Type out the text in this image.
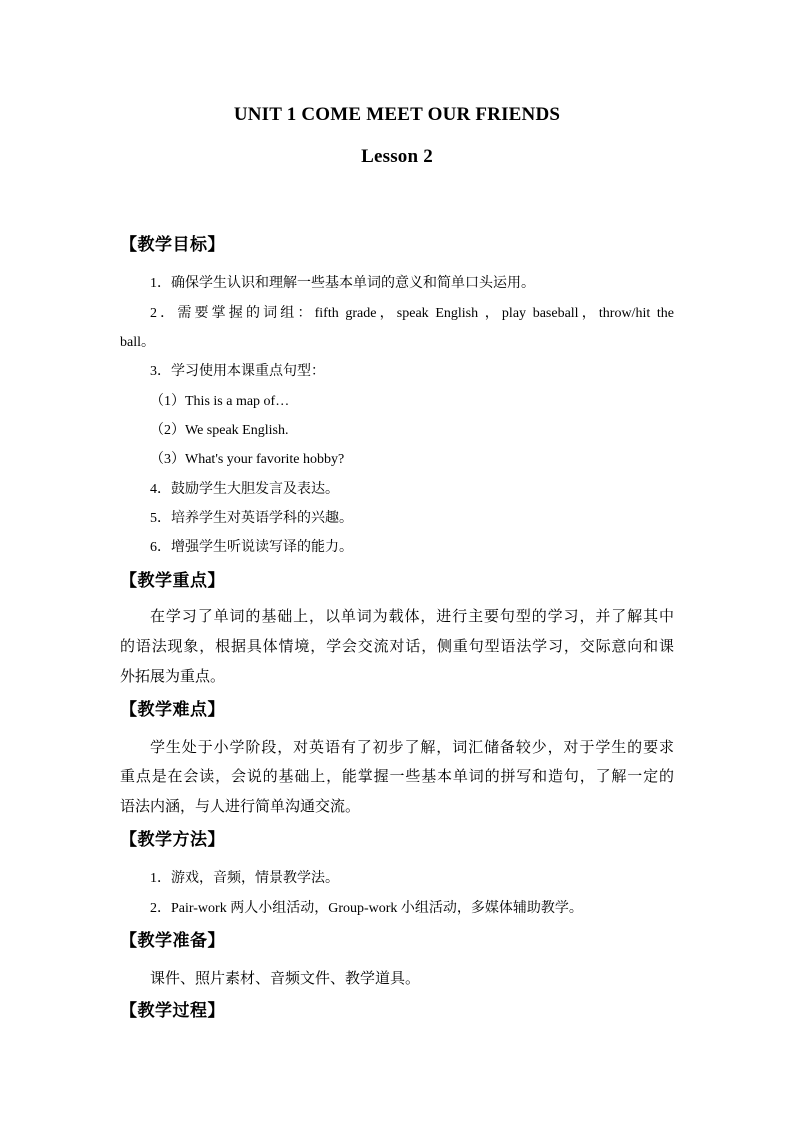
UNIT 1 COME MEET OUR FRIENDS
Lesson 2
【教学目标】
1．确保学生认识和理解一些基本单词的意义和简单口头运用。
2．需要掌握的词组：fifth grade，speak English ，play baseball，throw/hit the
ball。
3．学习使用本课重点句型：
（1）This is a map of…
（2）We speak English.
（3）What's your favorite hobby?
4．鼓励学生大胆发言及表达。
5．培养学生对英语学科的兴趣。
6．增强学生听说读写译的能力。
【教学重点】
在学习了单词的基础上，以单词为载体，进行主要句型的学习，并了解其中
的语法现象，根据具体情境，学会交流对话，侧重句型语法学习，交际意向和课
外拓展为重点。
【教学难点】
学生处于小学阶段，对英语有了初步了解，词汇储备较少，对于学生的要求
重点是在会读，会说的基础上，能掌握一些基本单词的拼写和造句，了解一定的
语法内涵，与人进行简单沟通交流。
【教学方法】
1．游戏，音频，情景教学法。
2．Pair-work 两人小组活动，Group-work 小组活动，多媒体辅助教学。
【教学准备】
课件、照片素材、音频文件、教学道具。
【教学过程】
